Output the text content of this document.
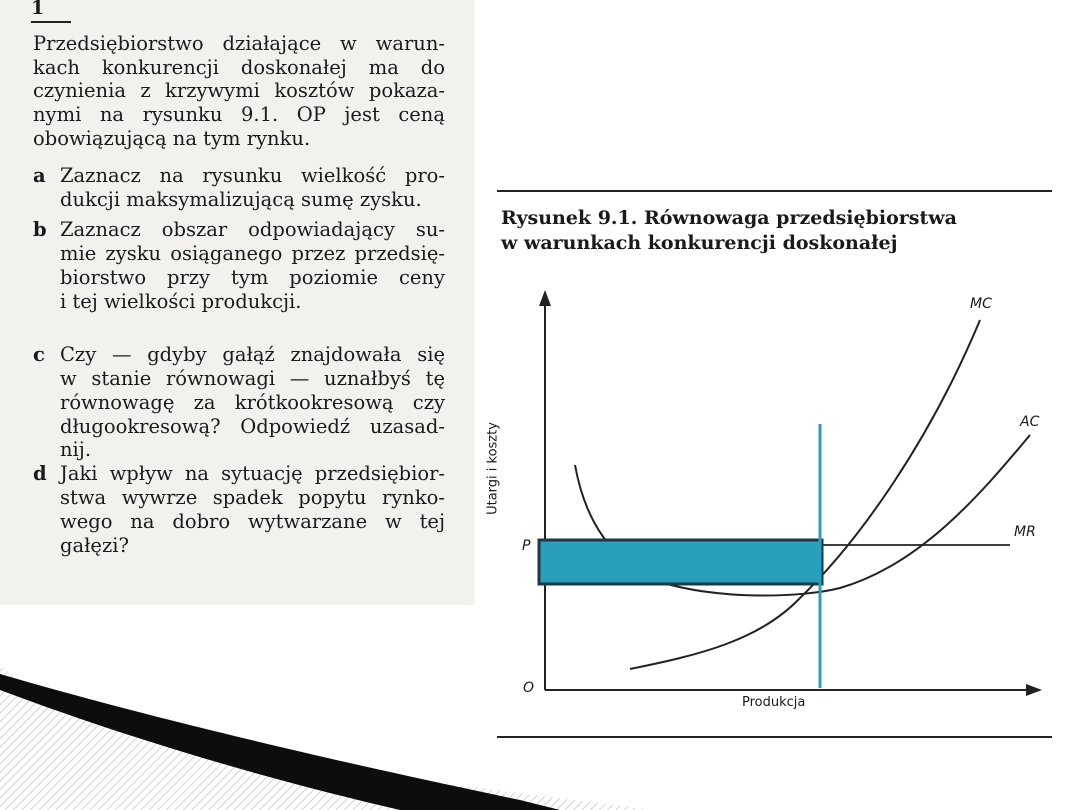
1
Przedsiębiorstwo działające w warun-
kach konkurencji doskonałej ma do
czynienia z krzywymi kosztów pokaza-
nymi na rysunku 9.1. OP jest ceną
obowiązującą na tym rynku.
a Zaznacz na rysunku wielkość pro-
dukcji maksymalizującą sumę zysku.
b Zaznacz obszar odpowiadający su-
mie zysku osiąganego przez przedsię-
biorstwo przy tym poziomie ceny
i tej wielkości produkcji.
c Czy — gdyby gałąź znajdowała się
w stanie równowagi — uznałbyś tę
równowagę za krótkookresową czy
długookresową? Odpowiedź uzasad-
nij.
d Jaki wpływ na sytuację przedsiębior-
stwa wywrze spadek popytu rynko-
wego na dobro wytwarzane w tej
gałęzi?
Rysunek 9.1. Równowaga przedsiębiorstwa
w warunkach konkurencji doskonałej
MC
AC
MR
P
O
Utargi i koszty
Produkcja
